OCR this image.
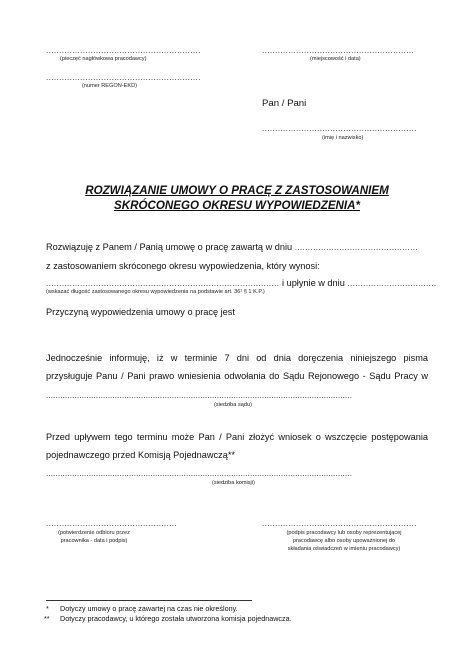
...........................................................
(pieczęć nagłówkowa pracodawcy)
..........................................................
(miejscowość i data)
...........................................................
(numer REGON-EKD)
Pan / Pani
...........................................................
(imię i nazwisko)
ROZWIĄZANIE UMOWY O PRACĘ Z ZASTOSOWANIEM
SKRÓCONEGO OKRESU WYPOWIEDZENIA*
Rozwiązuję z Panem / Panią umowę o pracę zawartą w dniu ...............................................
z zastosowaniem skróconego okresu wypowiedzenia, który wynosi:
......................................................................................... i upłynie w dniu ..................................
(wskazać długość zastosowanego okresu wypowiedzenia na podstawie art. 36¹ § 1 K.P.)
Przyczyną wypowiedzenia umowy o pracę jest
Jednocześnie informuję, iż w terminie 7 dni od dnia doręczenia niniejszego pisma
przysługuje Panu / Pani prawo wniesienia odwołania do Sądu Rejonowego - Sądu Pracy w
.................................................................................................................................
(siedziba sądu)
Przed upływem tego terminu może Pan / Pani złożyć wniosek o wszczęcie postępowania
pojednawczego przed Komisją Pojednawczą**
.................................................................................................................................
(siedziba komisji)
..................................................
(potwierdzenie odbioru przez
pracownika - data i podpis)
...........................................................
(podpis pracodawcy lub osoby reprezentującej
pracodawcę albo osoby upoważnionej do
składania oświadczeń w imieniu pracodawcy)
* Dotyczy umowy o pracę zawartej na czas nie określony.
** Dotyczy pracodawcy, u którego została utworzona komisja pojednawcza.
